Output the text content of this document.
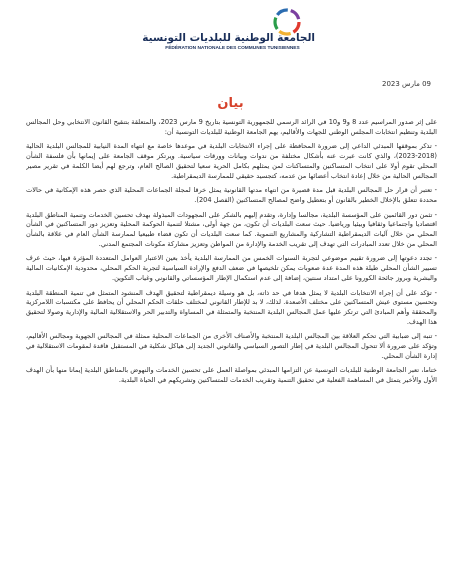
الجامعة الوطنية للبلديات التونسية
FÉDÉRATION NATIONALE DES COMMUNES TUNISIENNES
09 مارس 2023
بيان

على إثر صدور المراسيم عدد 8 و9 و10 في الرائد الرسمي للجمهورية التونسية بتاريخ 9 مارس 2023، والمتعلقة بتنقيح القانون الانتخابي وحل المجالس البلدية وتنظيم انتخابات المجلس الوطني للجهات والأقاليم، يهم الجامعة الوطنية للبلديات التونسية أن:

- تذكر بموقفها المبدئي الداعي إلى ضرورة المحافظة على إجراء الانتخابات البلدية في موعدها خاصة مع انتهاء المدة النيابية للمجالس البلدية الحالية (2018-2023)، والذي كانت عبرت عنه بأشكال مختلفة من ندوات وبيانات وورقات سياسية. ويرتكز موقف الجامعة على إيمانها بأن فلسفة الشأن المحلي تقوم أولا على انتخاب المتساكنين والمتساكنات لمن يمثلهم بكامل الحرية سعيا لتحقيق الصالح العام، وترجع لهم أيضا الكلمة في تقرير مصير المجالس الحالية من خلال إعادة انتخاب أعضائها من عدمه، كتجسيد حقيقي للممارسة الديمقراطية.

- تعتبر أن قرار حل المجالس البلدية قبل مدة قصيرة من انتهاء مدتها القانونية يمثل خرقا لمجلة الجماعات المحلية الذي حصر هذه الإمكانية في حالات محددة تتعلق بالإخلال الخطير بالقانون أو بتعطيل واضح لمصالح المتساكنين (الفصل 204).

- تثمن دور القائمين على المؤسسة البلدية، مجالسا وإدارة، وتقدم إليهم بالشكر على المجهودات المبذولة بهدف تحسين الخدمات وتنمية المناطق البلدية اقتصاديا واجتماعيا وثقافيا وبيئيا ورياضيا. حيث سعت البلديات أن تكون، من جهة أولى، مشتلا لتنمية الحوكمة المحلية وتعزيز دور المتساكنين في الشأن المحلي من خلال آليات الديمقراطية التشاركية والمشاريع التنموية. كما سعت البلديات أن تكون فضاء طبيعيا لممارسة الشأن العام في علاقة بالشأن المحلي من خلال تعدد المبادرات التي تهدف إلى تقريب الخدمة والإدارة من المواطن وتعزيز مشاركة مكونات المجتمع المدني.

- تجدد دعوتها إلى ضرورة تقييم موضوعي لتجربة السنوات الخمس من الممارسة البلدية يأخذ بعين الاعتبار العوامل المتعددة المؤثرة فيها، حيث عرف تسيير الشأن المحلي طيلة هذه المدة عدة صعوبات يمكن تلخيصها في ضعف الدفع والإرادة السياسية لتجربة الحكم المحلي، محدودية الإمكانيات المالية والبشرية وبروز جائحة الكورونا على امتداد سنتين، إضافة إلى عدم استكمال الإطار المؤسساتي والقانوني وغياب التكوين.

- تؤكد على أن إجراء الانتخابات البلدية لا يمثل هدفا في حد ذاته، بل هو وسيلة ديمقراطية لتحقيق الهدف المنشود المتمثل في تنمية المنطقة البلدية وتحسين مستوى عيش المتساكنين على مختلف الأصعدة. لذلك، لا بد للإطار القانوني لمختلف حلقات الحكم المحلي أن يحافظ على مكتسبات اللامركزية والمحققة وأهم المبادئ التي ترتكز عليها عمل المجالس البلدية المنتخبة والمتمثلة في المساواة والتدبير الحر والاستقلالية المالية والإدارية وصولا لتحقيق هذا الهدف.

- تنبه إلى ضبابية التي تحكم العلاقة بين المجالس البلدية المنتخبة والأصناف الأخرى من الجماعات المحلية ممثلة في المجالس الجهوية ومجالس الأقاليم، وتؤكد على ضرورة ألا تتحول المجالس البلدية في إطار التصور السياسي والقانوني الجديد إلى هياكل شكلية في المستقبل فاقدة لمقومات الاستقلالية في إدارة الشأن المحلي.

ختاما، تعبر الجامعة الوطنية للبلديات التونسية عن التزامها المبدئي بمواصلة العمل على تحسين الخدمات والنهوض بالمناطق البلدية إيمانا منها بأن الهدف الأول والأخير يتمثل في المساهمة الفعلية في تحقيق التنمية وتقريب الخدمات للمتساكنين وتشريكهم في الحياة البلدية.
